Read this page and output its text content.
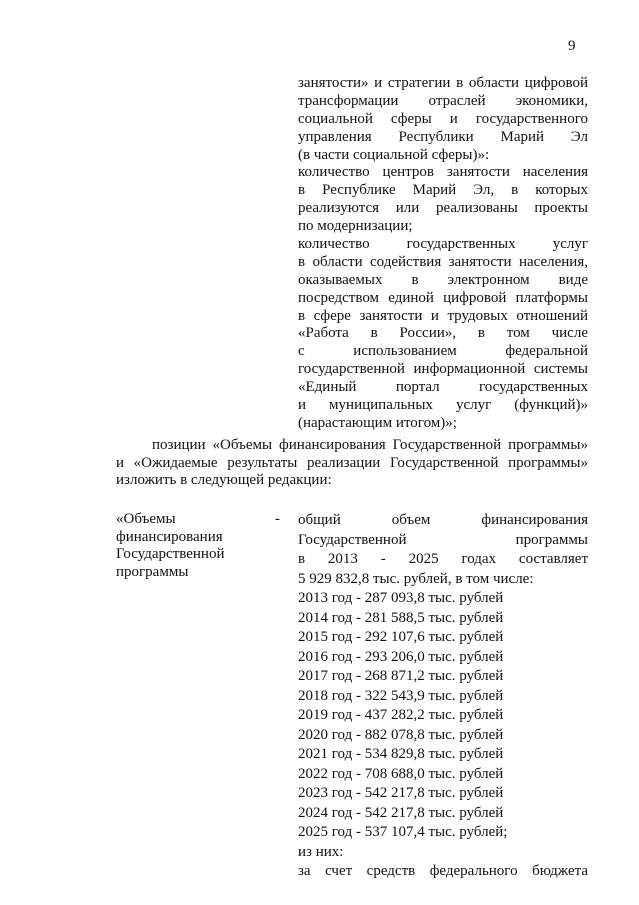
9
занятости» и стратегии в области цифровой
трансформации отраслей экономики,
социальной сферы и государственного
управления Республики Марий Эл
(в части социальной сферы)»:
количество центров занятости населения
в Республике Марий Эл, в которых
реализуются или реализованы проекты
по модернизации;
количество государственных услуг
в области содействия занятости населения,
оказываемых в электронном виде
посредством единой цифровой платформы
в сфере занятости и трудовых отношений
«Работа в России», в том числе
с использованием федеральной
государственной информационной системы
«Единый портал государственных
и муниципальных услуг (функций)»
(нарастающим итогом)»;
позиции «Объемы финансирования Государственной программы»
и «Ожидаемые результаты реализации Государственной программы»
изложить в следующей редакции:
«Объемы
финансирования
Государственной
программы
- общий объем финансирования
Государственной программы
в 2013 - 2025 годах составляет
5 929 832,8 тыс. рублей, в том числе:
2013 год - 287 093,8 тыс. рублей
2014 год - 281 588,5 тыс. рублей
2015 год - 292 107,6 тыс. рублей
2016 год - 293 206,0 тыс. рублей
2017 год - 268 871,2 тыс. рублей
2018 год - 322 543,9 тыс. рублей
2019 год - 437 282,2 тыс. рублей
2020 год - 882 078,8 тыс. рублей
2021 год - 534 829,8 тыс. рублей
2022 год - 708 688,0 тыс. рублей
2023 год - 542 217,8 тыс. рублей
2024 год - 542 217,8 тыс. рублей
2025 год - 537 107,4 тыс. рублей;
из них:
за счет средств федерального бюджета
